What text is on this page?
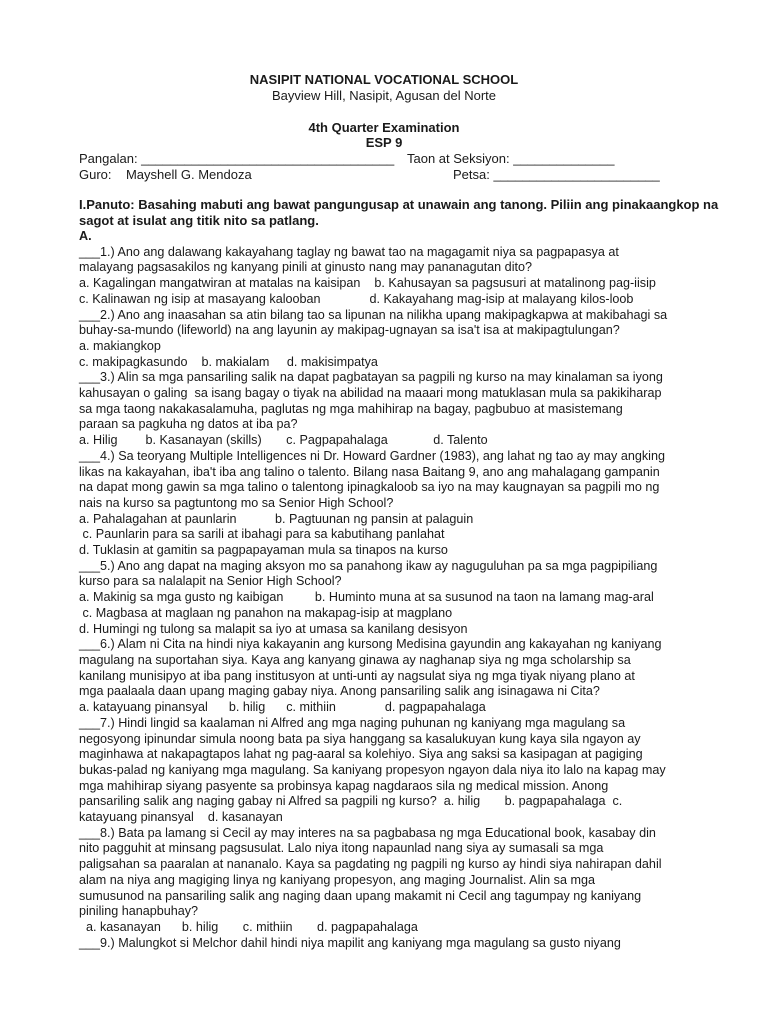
NASIPIT NATIONAL VOCATIONAL SCHOOL
Bayview Hill, Nasipit, Agusan del Norte
4th Quarter Examination
ESP 9
Pangalan: ___________________________________ Taon at Seksiyon: ______________
Guro:    Mayshell G. Mendoza	Petsa: _______________________

I.Panuto: Basahing mabuti ang bawat pangungusap at unawain ang tanong. Piliin ang pinakaangkop na

sagot at isulat ang titik nito sa patlang.

A.

___1.) Ano ang dalawang kakayahang taglay ng bawat tao na magagamit niya sa pagpapasya at

malayang pagsasakilos ng kanyang pinili at ginusto nang may pananagutan dito?

a. Kagalingan mangatwiran at matalas na kaisipan    b. Kahusayan sa pagsusuri at matalinong pag-iisip

c. Kalinawan ng isip at masayang kalooban              d. Kakayahang mag-isip at malayang kilos-loob

___2.) Ano ang inaasahan sa atin bilang tao sa lipunan na nilikha upang makipagkapwa at makibahagi sa

buhay-sa-mundo (lifeworld) na ang layunin ay makipag-ugnayan sa isa't isa at makipagtulungan?

a. makiangkop

c. makipagkasundo    b. makialam     d. makisimpatya

___3.) Alin sa mga pansariling salik na dapat pagbatayan sa pagpili ng kurso na may kinalaman sa iyong

kahusayan o galing  sa isang bagay o tiyak na abilidad na maaari mong matuklasan mula sa pakikiharap

sa mga taong nakakasalamuha, paglutas ng mga mahihirap na bagay, pagbubuo at masistemang

paraan sa pagkuha ng datos at iba pa?

a. Hilig        b. Kasanayan (skills)       c. Pagpapahalaga             d. Talento

___4.) Sa teoryang Multiple Intelligences ni Dr. Howard Gardner (1983), ang lahat ng tao ay may angking

likas na kakayahan, iba't iba ang talino o talento. Bilang nasa Baitang 9, ano ang mahalagang gampanin

na dapat mong gawin sa mga talino o talentong ipinagkaloob sa iyo na may kaugnayan sa pagpili mo ng

nais na kurso sa pagtuntong mo sa Senior High School?

a. Pahalagahan at paunlarin           b. Pagtuunan ng pansin at palaguin

c. Paunlarin para sa sarili at ibahagi para sa kabutihang panlahat

d. Tuklasin at gamitin sa pagpapayaman mula sa tinapos na kurso

___5.) Ano ang dapat na maging aksyon mo sa panahong ikaw ay naguguluhan pa sa mga pagpipiliang

kurso para sa nalalapit na Senior High School?

a. Makinig sa mga gusto ng kaibigan         b. Huminto muna at sa susunod na taon na lamang mag-aral

c. Magbasa at maglaan ng panahon na makapag-isip at magplano

d. Humingi ng tulong sa malapit sa iyo at umasa sa kanilang desisyon

___6.) Alam ni Cita na hindi niya kakayanin ang kursong Medisina gayundin ang kakayahan ng kaniyang

magulang na suportahan siya. Kaya ang kanyang ginawa ay naghanap siya ng mga scholarship sa

kanilang munisipyo at iba pang institusyon at unti-unti ay nagsulat siya ng mga tiyak niyang plano at

mga paalaala daan upang maging gabay niya. Anong pansariling salik ang isinagawa ni Cita?

a. katayuang pinansyal      b. hilig      c. mithiin              d. pagpapahalaga

___7.) Hindi lingid sa kaalaman ni Alfred ang mga naging puhunan ng kaniyang mga magulang sa

negosyong ipinundar simula noong bata pa siya hanggang sa kasalukuyan kung kaya sila ngayon ay

maginhawa at nakapagtapos lahat ng pag-aaral sa kolehiyo. Siya ang saksi sa kasipagan at pagiging

bukas-palad ng kaniyang mga magulang. Sa kaniyang propesyon ngayon dala niya ito lalo na kapag may

mga mahihirap siyang pasyente sa probinsya kapag nagdaraos sila ng medical mission. Anong

pansariling salik ang naging gabay ni Alfred sa pagpili ng kurso?  a. hilig       b. pagpapahalaga  c.

katayuang pinansyal    d. kasanayan

___8.) Bata pa lamang si Cecil ay may interes na sa pagbabasa ng mga Educational book, kasabay din

nito pagguhit at minsang pagsusulat. Lalo niya itong napaunlad nang siya ay sumasali sa mga

paligsahan sa paaralan at nananalo. Kaya sa pagdating ng pagpili ng kurso ay hindi siya nahirapan dahil

alam na niya ang magiging linya ng kaniyang propesyon, ang maging Journalist. Alin sa mga

sumusunod na pansariling salik ang naging daan upang makamit ni Cecil ang tagumpay ng kaniyang

piniling hanapbuhay?

a. kasanayan      b. hilig       c. mithiin       d. pagpapahalaga

___9.) Malungkot si Melchor dahil hindi niya mapilit ang kaniyang mga magulang sa gusto niyang
